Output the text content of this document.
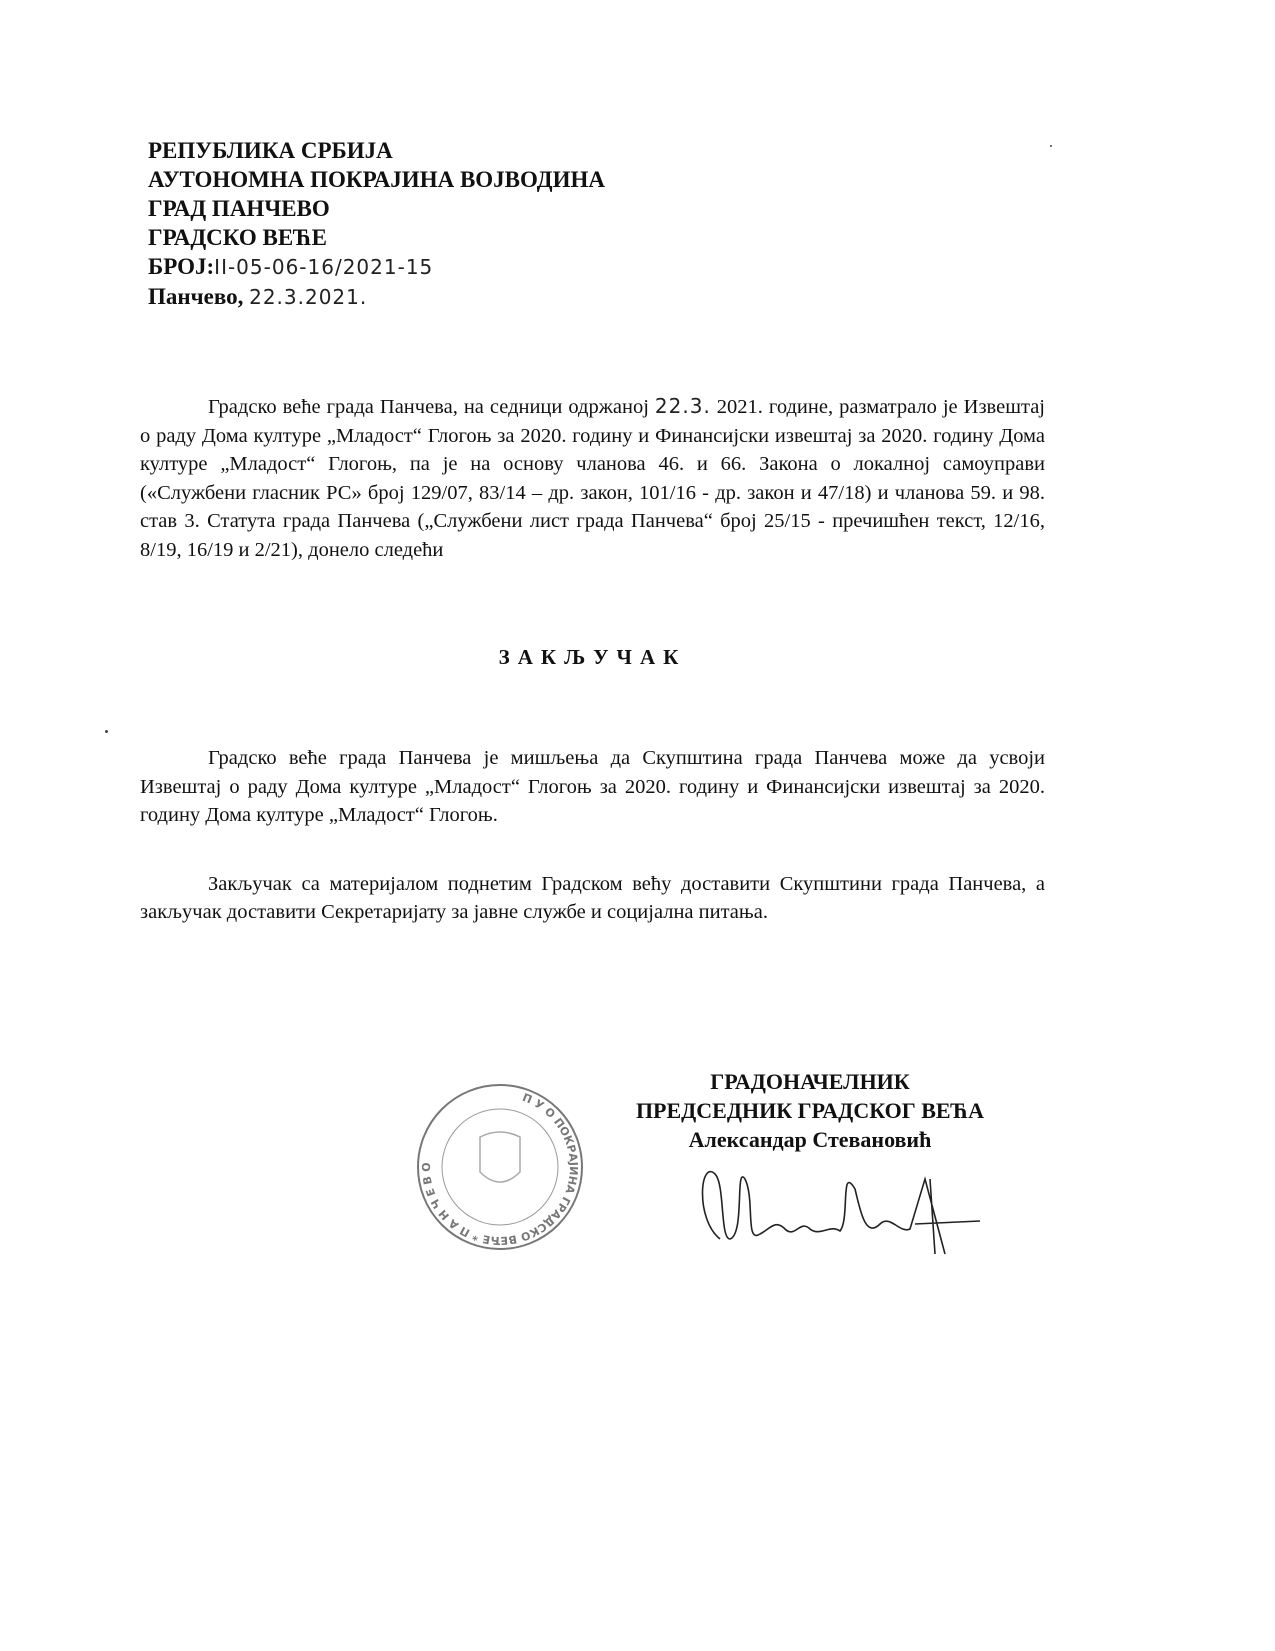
РЕПУБЛИКА СРБИЈА
АУТОНОМНА ПОКРАЈИНА ВОЈВОДИНА
ГРАД ПАНЧЕВО
ГРАДСКО ВЕЋЕ
БРОЈ:II-05-06-16/2021-15
Панчево, 22.3.2021.
Градско веће града Панчева, на седници одржаној 22.3. 2021. године, разматрало је Извештај о раду Дома културе „Младост“ Глогоњ за 2020. годину и Финансијски извештај за 2020. годину Дома културе „Младост“ Глогоњ, па је на основу чланова 46. и 66. Закона о локалној самоуправи («Службени гласник РС» број 129/07, 83/14 – др. закон, 101/16 - др. закон и 47/18) и чланова 59. и 98. став 3. Статута града Панчева („Службени лист града Панчева“ број 25/15 - пречишћен текст, 12/16, 8/19, 16/19 и 2/21), донело следећи
ЗАКЉУЧАК
Градско веће града Панчева је мишљења да Скупштина града Панчева може да усвоји Извештај о раду Дома културе „Младост“ Глогоњ за 2020. годину и Финансијски извештај за 2020. годину Дома културе „Младост“ Глогоњ.
Закључак са материјалом поднетим Градском већу доставити Скупштини града Панчева, а закључак доставити Секретаријату за јавне службе и социјална питања.
П У О ПОКРАЈИНА ГРАДСКО ВЕЋЕ * П А Н Ч Е В О
ГРАДОНАЧЕЛНИК
ПРЕДСЕДНИК ГРАДСКОГ ВЕЋА
Александар Стевановић
